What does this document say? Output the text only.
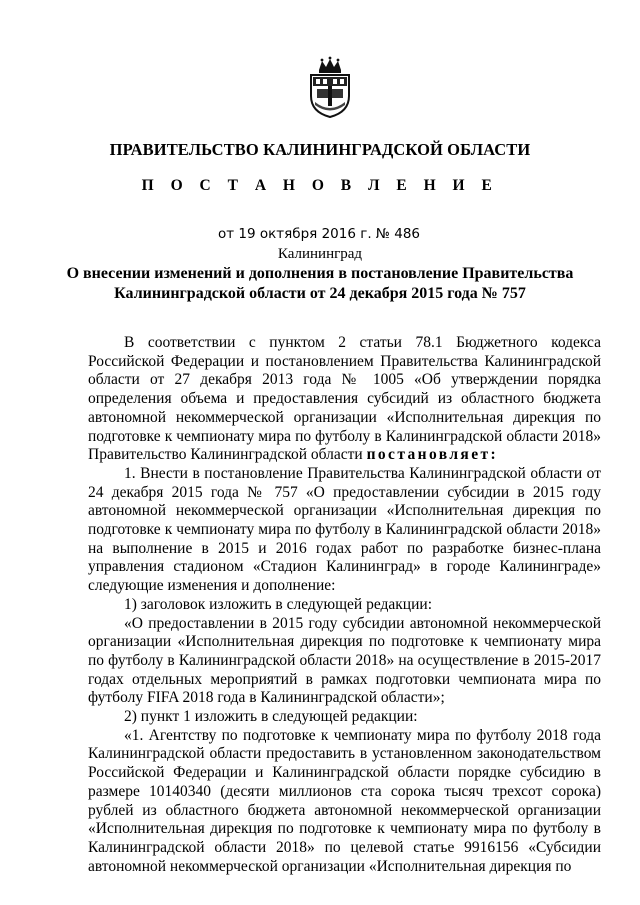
ПРАВИТЕЛЬСТВО КАЛИНИНГРАДСКОЙ ОБЛАСТИ
П О С Т А Н О В Л Е Н И Е
от 19 октября 2016 г. № 486
Калининград
О внесении изменений и дополнения в постановление Правительства
Калининградской области от 24 декабря 2015 года № 757

В соответствии с пунктом 2 статьи 78.1 Бюджетного кодекса Российской Федерации и постановлением Правительства Калининградской области от 27 декабря 2013 года № 1005 «Об утверждении порядка определения объема и предоставления субсидий из областного бюджета автономной некоммерческой организации «Исполнительная дирекция по подготовке к чемпионату мира по футболу в Калининградской области 2018» Правительство Калининградской области постановляет:

1. Внести в постановление Правительства Калининградской области от 24 декабря 2015 года № 757 «О предоставлении субсидии в 2015 году автономной некоммерческой организации «Исполнительная дирекция по подготовке к чемпионату мира по футболу в Калининградской области 2018» на выполнение в 2015 и 2016 годах работ по разработке бизнес-плана управления стадионом «Стадион Калининград» в городе Калининграде» следующие изменения и дополнение:

1) заголовок изложить в следующей редакции:

«О предоставлении в 2015 году субсидии автономной некоммерческой организации «Исполнительная дирекция по подготовке к чемпионату мира по футболу в Калининградской области 2018» на осуществление в 2015-2017 годах отдельных мероприятий в рамках подготовки чемпионата мира по футболу FIFA 2018 года в Калининградской области»;

2) пункт 1 изложить в следующей редакции:

«1. Агентству по подготовке к чемпионату мира по футболу 2018 года Калининградской области предоставить в установленном законодательством Российской Федерации и Калининградской области порядке субсидию в размере 10140340 (десяти миллионов ста сорока тысяч трехсот сорока) рублей из областного бюджета автономной некоммерческой организации «Исполнительная дирекция по подготовке к чемпионату мира по футболу в Калининградской области 2018» по целевой статье 9916156 «Субсидии автономной некоммерческой организации «Исполнительная дирекция по
